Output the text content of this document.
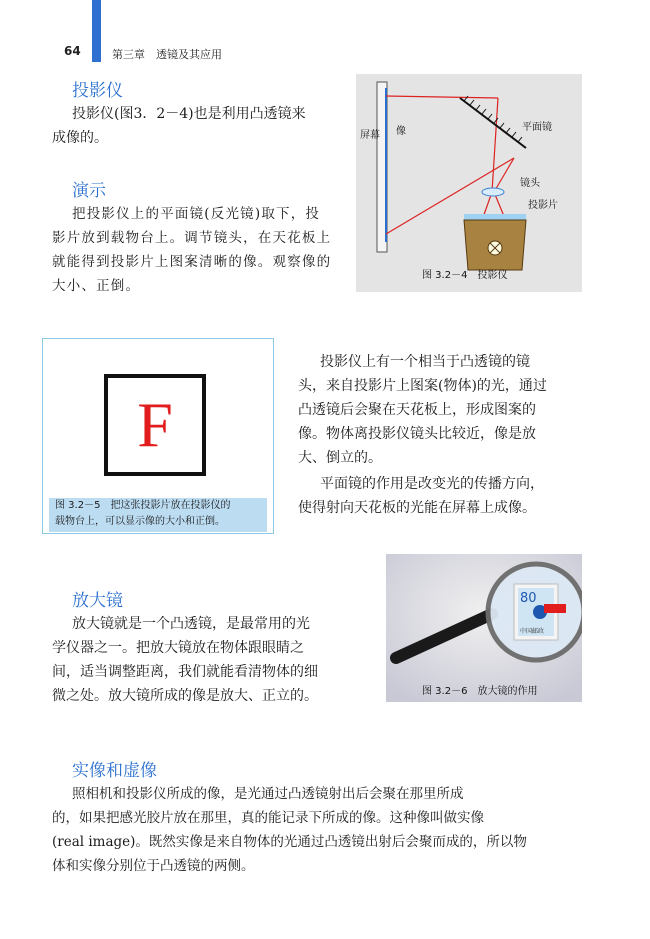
64	第三章　透镜及其应用
投影仪
投影仪(图3．2－4)也是利用凸透镜来
成像的。
演示
把投影仪上的平面镜(反光镜)取下，投
影片放到载物台上。调节镜头，在天花板上
就能得到投影片上图案清晰的像。观察像的
大小、正倒。
屏幕 像	平面镜
镜头
投影片
图 3.2－4　投影仪
F
图 3.2－5　把这张投影片放在投影仪的
载物台上，可以显示像的大小和正倒。
投影仪上有一个相当于凸透镜的镜
头，来自投影片上图案(物体)的光，通过
凸透镜后会聚在天花板上，形成图案的
像。物体离投影仪镜头比较近，像是放
大、倒立的。
平面镜的作用是改变光的传播方向，
使得射向天花板的光能在屏幕上成像。
放大镜
放大镜就是一个凸透镜，是最常用的光
学仪器之一。把放大镜放在物体跟眼睛之
间，适当调整距离，我们就能看清物体的细
微之处。放大镜所成的像是放大、正立的。
80
中国邮政
图 3.2－6　放大镜的作用
实像和虚像
照相机和投影仪所成的像，是光通过凸透镜射出后会聚在那里所成
的，如果把感光胶片放在那里，真的能记录下所成的像。这种像叫做实像
(real image)。既然实像是来自物体的光通过凸透镜出射后会聚而成的，所以物
体和实像分别位于凸透镜的两侧。
